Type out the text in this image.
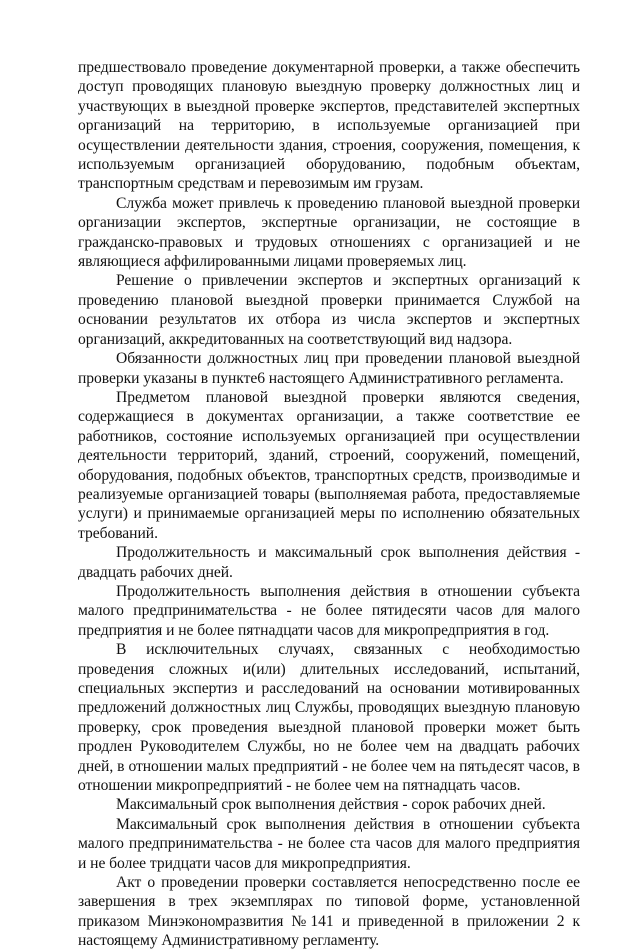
предшествовало проведение документарной проверки, а также обеспечить доступ проводящих плановую выездную проверку должностных лиц и участвующих в выездной проверке экспертов, представителей экспертных организаций на территорию, в используемые организацией при осуществлении деятельности здания, строения, сооружения, помещения, к используемым организацией оборудованию, подобным объектам, транспортным средствам и перевозимым им грузам.

Служба может привлечь к проведению плановой выездной проверки организации экспертов, экспертные организации, не состоящие в гражданско-правовых и трудовых отношениях с организацией и не являющиеся аффилированными лицами проверяемых лиц.

Решение о привлечении экспертов и экспертных организаций к проведению плановой выездной проверки принимается Службой на основании результатов их отбора из числа экспертов и экспертных организаций, аккредитованных на соответствующий вид надзора.

Обязанности должностных лиц при проведении плановой выездной проверки указаны в пункте6 настоящего Административного регламента.

Предметом плановой выездной проверки являются сведения, содержащиеся в документах организации, а также соответствие ее работников, состояние используемых организацией при осуществлении деятельности территорий, зданий, строений, сооружений, помещений, оборудования, подобных объектов, транспортных средств, производимые и реализуемые организацией товары (выполняемая работа, предоставляемые услуги) и принимаемые организацией меры по исполнению обязательных требований.

Продолжительность и максимальный срок выполнения действия - двадцать рабочих дней.

Продолжительность выполнения действия в отношении субъекта малого предпринимательства - не более пятидесяти часов для малого предприятия и не более пятнадцати часов для микропредприятия в год.

В исключительных случаях, связанных с необходимостью проведения сложных и(или) длительных исследований, испытаний, специальных экспертиз и расследований на основании мотивированных предложений должностных лиц Службы, проводящих выездную плановую проверку, срок проведения выездной плановой проверки может быть продлен Руководителем Службы, но не более чем на двадцать рабочих дней, в отношении малых предприятий - не более чем на пятьдесят часов, в отношении микропредприятий - не более чем на пятнадцать часов.

Максимальный срок выполнения действия - сорок рабочих дней.

Максимальный срок выполнения действия в отношении субъекта малого предпринимательства - не более ста часов для малого предприятия и не более тридцати часов для микропредприятия.

Акт о проведении проверки составляется непосредственно после ее завершения в трех экземплярах по типовой форме, установленной приказом Минэкономразвития №141 и приведенной в приложении 2 к настоящему Административному регламенту.
